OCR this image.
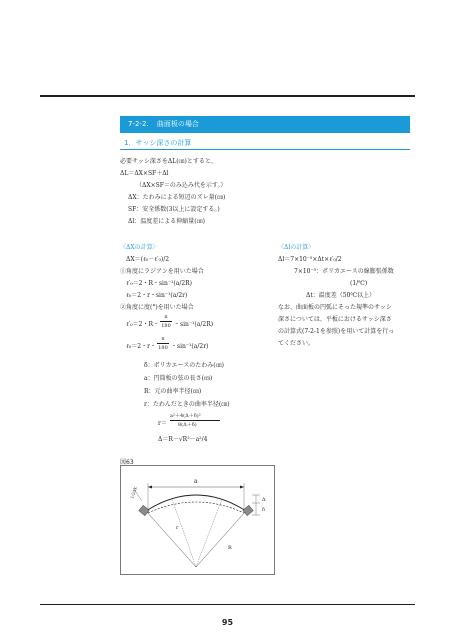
7-2-2. 曲面板の場合
1．サッシ深さの計算
必要サッシ深さをΔL(㎝)とすると、
ΔL＝ΔX×SF＋Δl
（ΔX×SF＝のみ込み代を示す。）
ΔX：たわみによる短辺のズレ量(㎝)
SF：安全係数(3以上に設定する。)
Δl：温度差による伸縮量(㎝)
〈ΔXの計算〉
ΔX＝(ℓ₀－ℓ′₀)/2
①角度にラジアンを用いた場合
ℓ′₀＝2・R・sin⁻¹(a/2R)
ℓ₀＝2・r・sin⁻¹(a/2r)
②角度に度(°)を用いた場合
ℓ′₀＝2・R・
π
180 ・sin⁻¹(a/2R)
ℓ₀＝2・r・
π
180 ・sin⁻¹(a/2r)
δ：ポリカエースのたわみ(㎝)
a：円筒板の弦の長さ(㎝)
R：元の曲率半径(㎝)
r：たわんだときの曲率半径(㎝)
r＝
a²＋4(Δ＋δ)²
8(Δ＋δ)
Δ＝R－√R²－a²/4
〈Δlの計算〉
Δl＝7×10⁻⁵×Δt×ℓ′₀/2
7×10⁻⁵：ポリカエースの線膨張係数
(1/℃)
Δt：温度差（50℃以上）
なお、曲面板の円弧にそった規準のサッシ
深さについては、平板におけるサッシ深さ
の計算式(7-2-1を参照)を用いて計算を行っ
てください。
図63
a
Δ
δ
r
R
1/2ΔX
95
